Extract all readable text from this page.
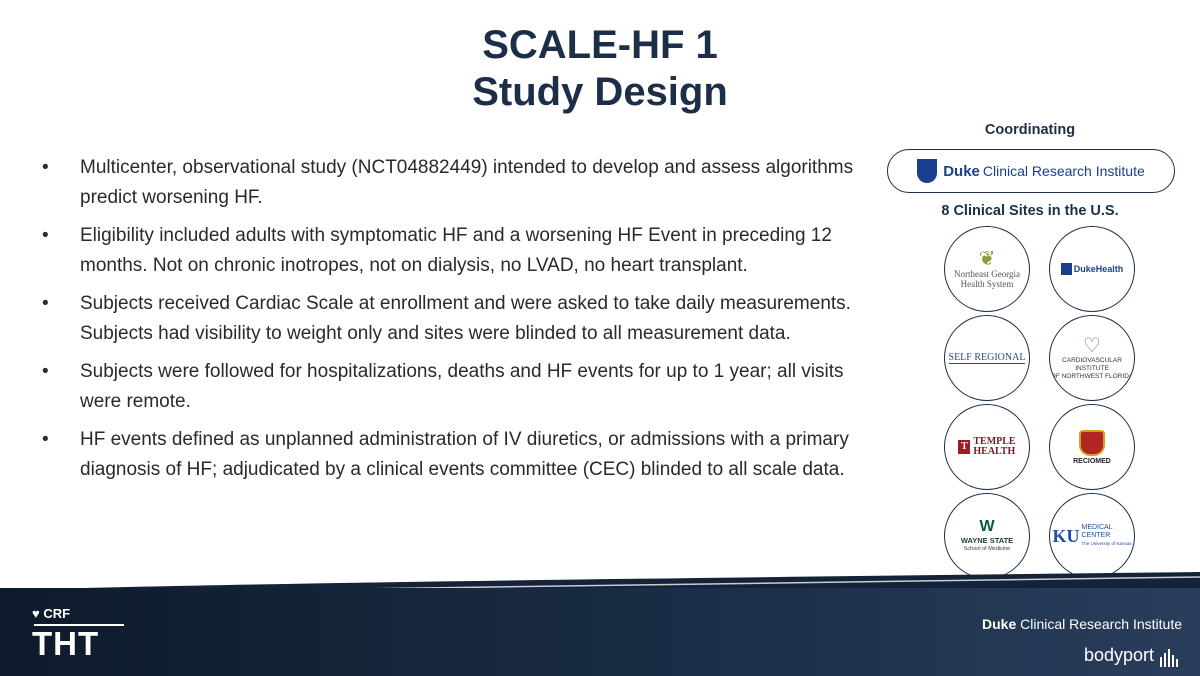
SCALE-HF 1
Study Design
• Multicenter, observational study (NCT04882449) intended to develop and assess algorithms predict worsening HF.
• Eligibility included adults with symptomatic HF and a worsening HF Event in preceding 12 months. Not on chronic inotropes, not on dialysis, no LVAD, no heart transplant.
• Subjects received Cardiac Scale at enrollment and were asked to take daily measurements. Subjects had visibility to weight only and sites were blinded to all measurement data.
• Subjects were followed for hospitalizations, deaths and HF events for up to 1 year; all visits were remote.
• HF events defined as unplanned administration of IV diuretics, or admissions with a primary diagnosis of HF; adjudicated by a clinical events committee (CEC) blinded to all scale data.
Coordinating
Duke Clinical Research Institute
8 Clinical Sites in the U.S.
❦
Northeast Georgia
Health System
DukeHealth
SELF REGIONAL
♡
CARDIOVASCULAR INSTITUTE
OF NORTHWEST FLORIDA
T TEMPLE
HEALTH
RECIOMED
W
WAYNE STATE
School of Medicine
KU MEDICAL
CENTER
The University of Kansas
♥ CRF
THT
Duke Clinical Research Institute
bodyport
